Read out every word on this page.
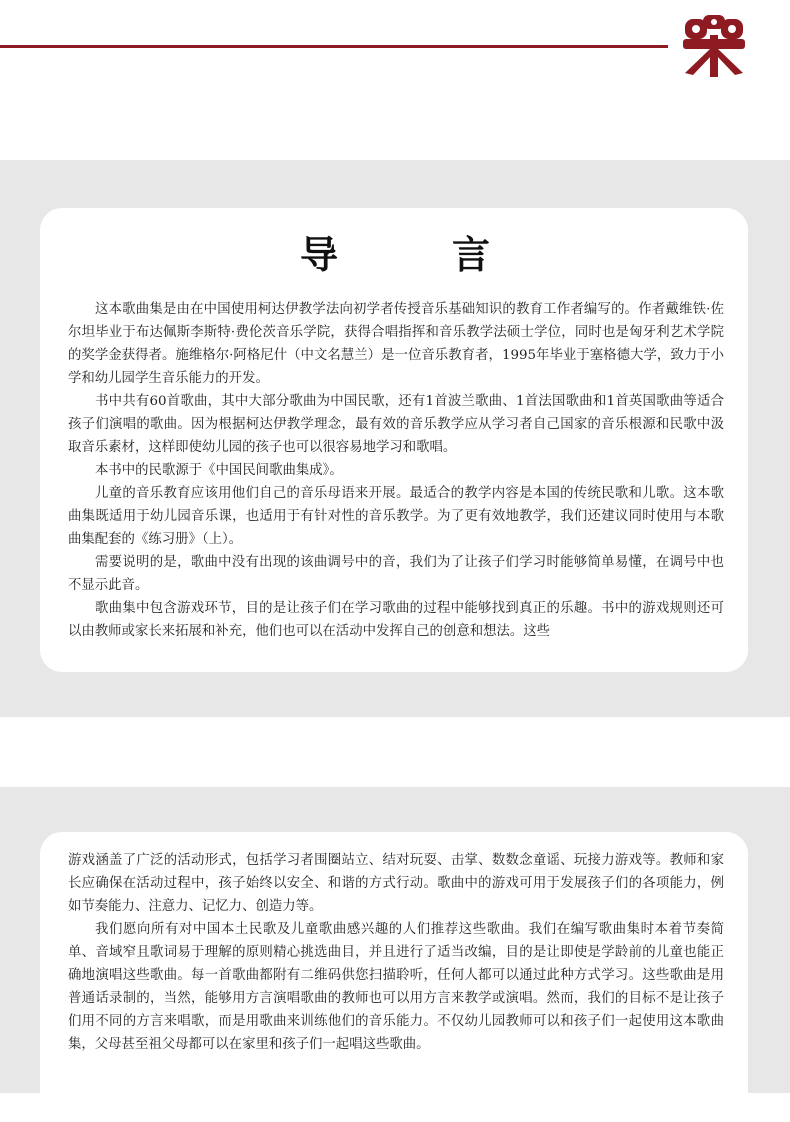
导　言

这本歌曲集是由在中国使用柯达伊教学法向初学者传授音乐基础知识的教育工作者编写的。作者戴维铁·佐尔坦毕业于布达佩斯李斯特·费伦茨音乐学院，获得合唱指挥和音乐教学法硕士学位，同时也是匈牙利艺术学院的奖学金获得者。施维格尔·阿格尼什（中文名慧兰）是一位音乐教育者，1995年毕业于塞格德大学，致力于小学和幼儿园学生音乐能力的开发。

书中共有60首歌曲，其中大部分歌曲为中国民歌，还有1首波兰歌曲、1首法国歌曲和1首英国歌曲等适合孩子们演唱的歌曲。因为根据柯达伊教学理念，最有效的音乐教学应从学习者自己国家的音乐根源和民歌中汲取音乐素材，这样即使幼儿园的孩子也可以很容易地学习和歌唱。

本书中的民歌源于《中国民间歌曲集成》。

儿童的音乐教育应该用他们自己的音乐母语来开展。最适合的教学内容是本国的传统民歌和儿歌。这本歌曲集既适用于幼儿园音乐课，也适用于有针对性的音乐教学。为了更有效地教学，我们还建议同时使用与本歌曲集配套的《练习册》（上）。

需要说明的是，歌曲中没有出现的该曲调号中的音，我们为了让孩子们学习时能够简单易懂，在调号中也不显示此音。

歌曲集中包含游戏环节，目的是让孩子们在学习歌曲的过程中能够找到真正的乐趣。书中的游戏规则还可以由教师或家长来拓展和补充，他们也可以在活动中发挥自己的创意和想法。这些

游戏涵盖了广泛的活动形式，包括学习者围圈站立、结对玩耍、击掌、数数念童谣、玩接力游戏等。教师和家长应确保在活动过程中，孩子始终以安全、和谐的方式行动。歌曲中的游戏可用于发展孩子们的各项能力，例如节奏能力、注意力、记忆力、创造力等。

我们愿向所有对中国本土民歌及儿童歌曲感兴趣的人们推荐这些歌曲。我们在编写歌曲集时本着节奏简单、音域窄且歌词易于理解的原则精心挑选曲目，并且进行了适当改编，目的是让即使是学龄前的儿童也能正确地演唱这些歌曲。每一首歌曲都附有二维码供您扫描聆听，任何人都可以通过此种方式学习。这些歌曲是用普通话录制的，当然，能够用方言演唱歌曲的教师也可以用方言来教学或演唱。然而，我们的目标不是让孩子们用不同的方言来唱歌，而是用歌曲来训练他们的音乐能力。不仅幼儿园教师可以和孩子们一起使用这本歌曲集，父母甚至祖父母都可以在家里和孩子们一起唱这些歌曲。
